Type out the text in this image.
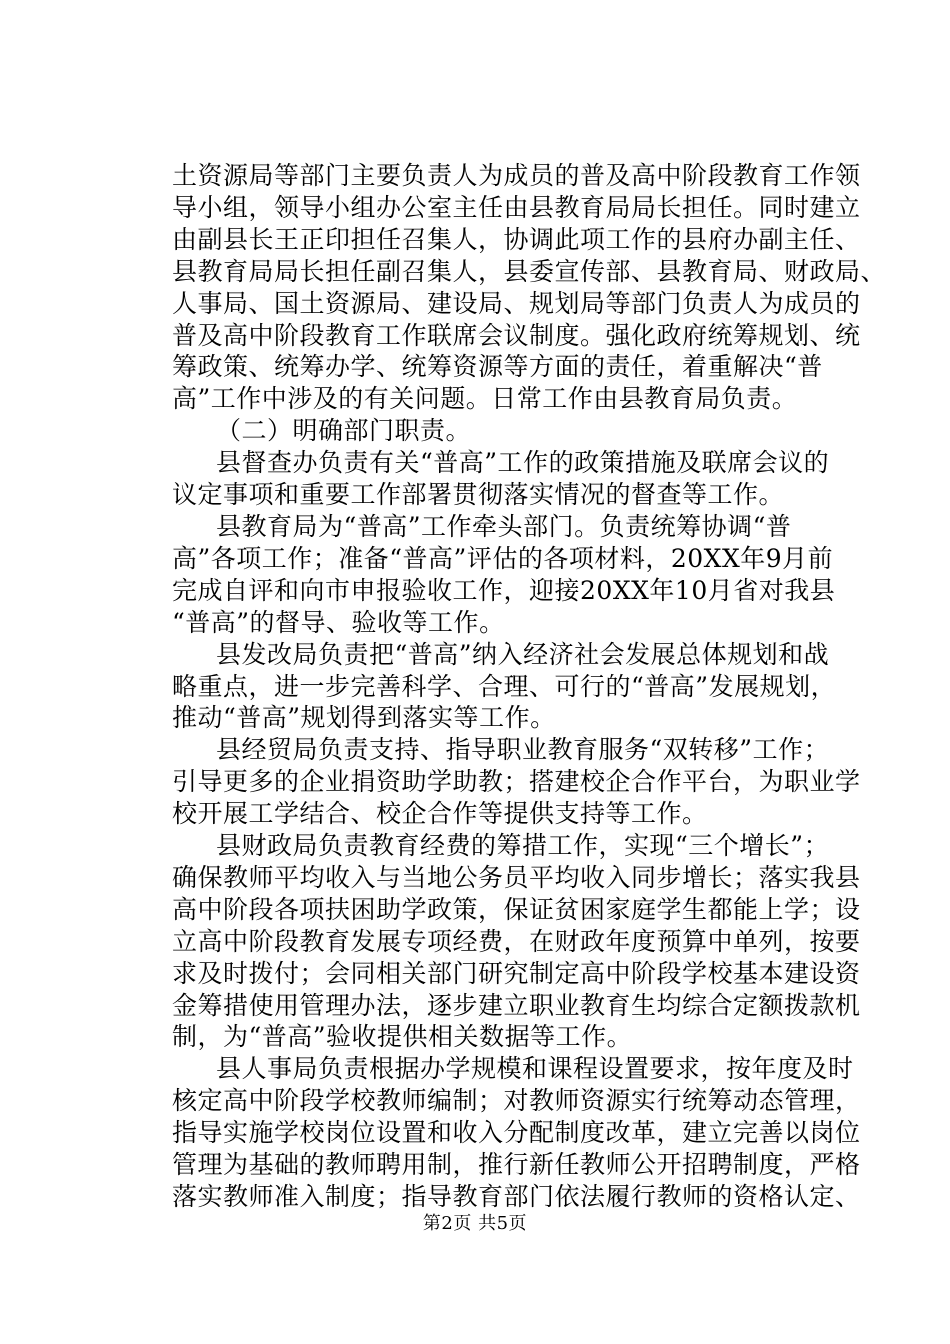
土资源局等部门主要负责人为成员的普及高中阶段教育工作领
导小组，领导小组办公室主任由县教育局局长担任。同时建立
由副县长王正印担任召集人，协调此项工作的县府办副主任、
县教育局局长担任副召集人，县委宣传部、县教育局、财政局、
人事局、国土资源局、建设局、规划局等部门负责人为成员的
普及高中阶段教育工作联席会议制度。强化政府统筹规划、统
筹政策、统筹办学、统筹资源等方面的责任，着重解决“普
高”工作中涉及的有关问题。日常工作由县教育局负责。

（二）明确部门职责。

县督查办负责有关“普高”工作的政策措施及联席会议的
议定事项和重要工作部署贯彻落实情况的督查等工作。

县教育局为“普高”工作牵头部门。负责统筹协调“普
高”各项工作；准备“普高”评估的各项材料，20XX年9月前
完成自评和向市申报验收工作，迎接20XX年10月省对我县
“普高”的督导、验收等工作。

县发改局负责把“普高”纳入经济社会发展总体规划和战
略重点，进一步完善科学、合理、可行的“普高”发展规划，
推动“普高”规划得到落实等工作。

县经贸局负责支持、指导职业教育服务“双转移”工作；
引导更多的企业捐资助学助教；搭建校企合作平台，为职业学
校开展工学结合、校企合作等提供支持等工作。

县财政局负责教育经费的筹措工作，实现“三个增长”；
确保教师平均收入与当地公务员平均收入同步增长；落实我县
高中阶段各项扶困助学政策，保证贫困家庭学生都能上学；设
立高中阶段教育发展专项经费，在财政年度预算中单列，按要
求及时拨付；会同相关部门研究制定高中阶段学校基本建设资
金筹措使用管理办法，逐步建立职业教育生均综合定额拨款机
制，为“普高”验收提供相关数据等工作。

县人事局负责根据办学规模和课程设置要求，按年度及时
核定高中阶段学校教师编制；对教师资源实行统筹动态管理，
指导实施学校岗位设置和收入分配制度改革，建立完善以岗位
管理为基础的教师聘用制，推行新任教师公开招聘制度，严格
落实教师准入制度；指导教育部门依法履行教师的资格认定、

第2页 共5页
